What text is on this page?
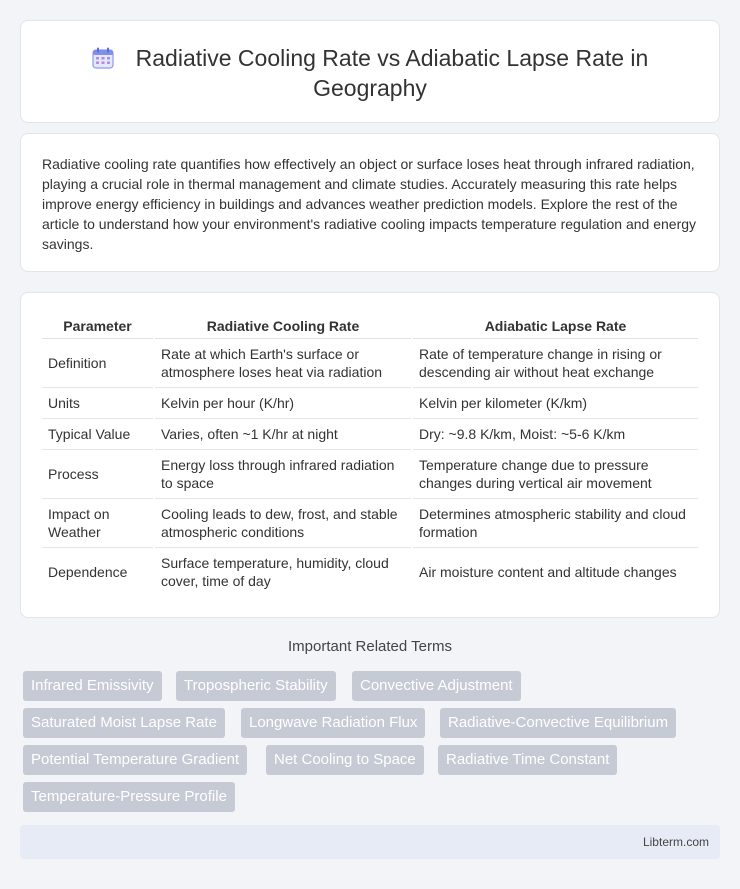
Radiative Cooling Rate vs Adiabatic Lapse Rate in
Geography

Radiative cooling rate quantifies how effectively an object or surface loses heat through infrared radiation, playing a crucial role in thermal management and climate studies. Accurately measuring this rate helps improve energy efficiency in buildings and advances weather prediction models. Explore the rest of the article to understand how your environment's radiative cooling impacts temperature regulation and energy savings.

Parameter	Radiative Cooling Rate	Adiabatic Lapse Rate
Definition	Rate at which Earth's surface or atmosphere loses heat via radiation	Rate of temperature change in rising or descending air without heat exchange
Units	Kelvin per hour (K/hr)	Kelvin per kilometer (K/km)
Typical Value	Varies, often ~1 K/hr at night	Dry: ~9.8 K/km, Moist: ~5-6 K/km
Process	Energy loss through infrared radiation to space	Temperature change due to pressure changes during vertical air movement
Impact on Weather	Cooling leads to dew, frost, and stable atmospheric conditions	Determines atmospheric stability and cloud formation
Dependence	Surface temperature, humidity, cloud cover, time of day	Air moisture content and altitude changes
Important Related Terms
Infrared Emissivity	Tropospheric Stability	Convective Adjustment
Saturated Moist Lapse Rate	Longwave Radiation Flux	Radiative-Convective Equilibrium
Potential Temperature Gradient	Net Cooling to Space	Radiative Time Constant
Temperature-Pressure Profile
Libterm.com
